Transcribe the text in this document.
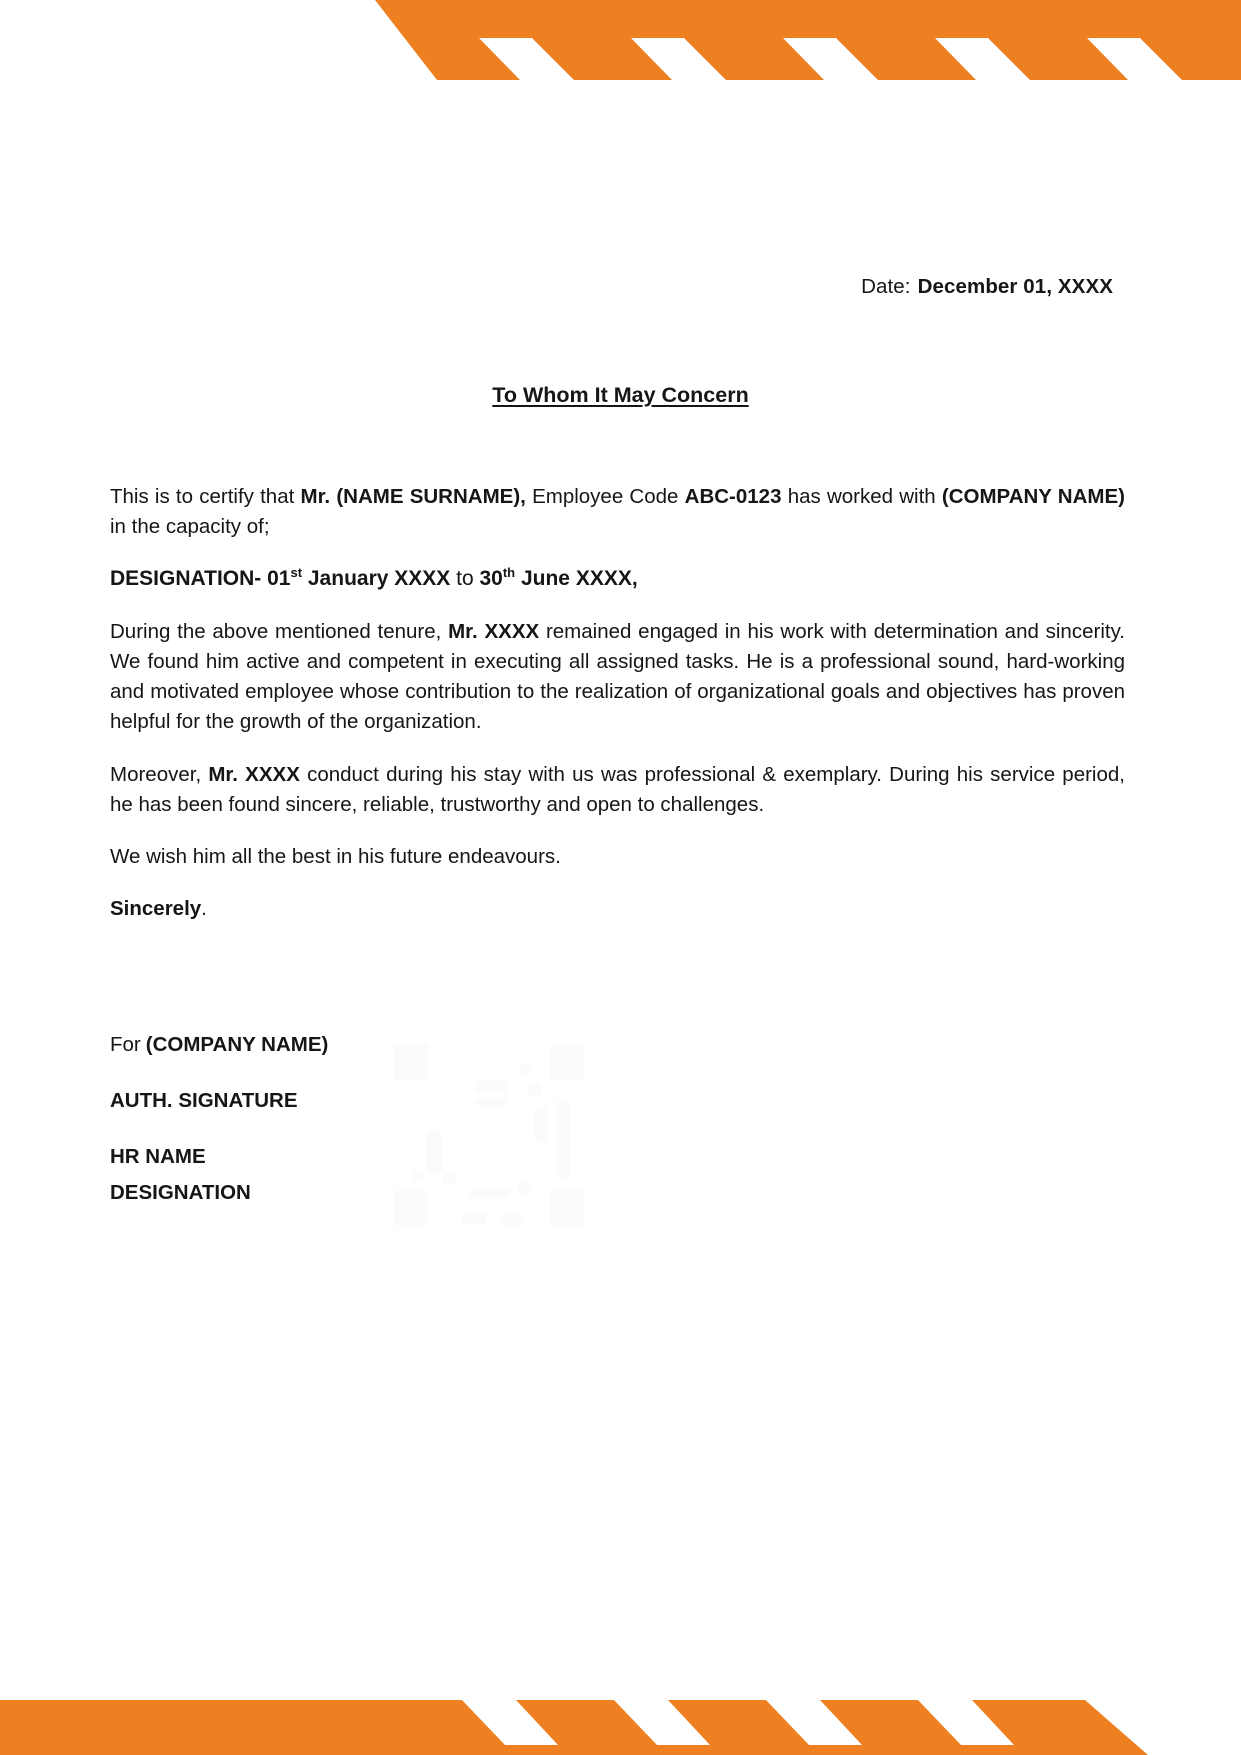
Date: December 01, XXXX
To Whom It May Concern

This is to certify that Mr. (NAME SURNAME), Employee Code ABC-0123 has worked with (COMPANY NAME) in the capacity of;

DESIGNATION- 01st January XXXX to 30th June XXXX,

During the above mentioned tenure, Mr. XXXX remained engaged in his work with determination and sincerity. We found him active and competent in executing all assigned tasks. He is a professional sound, hard-working and motivated employee whose contribution to the realization of organizational goals and objectives has proven helpful for the growth of the organization.

Moreover, Mr. XXXX conduct during his stay with us was professional & exemplary. During his service period, he has been found sincere, reliable, trustworthy and open to challenges.

We wish him all the best in his future endeavours.

Sincerely.

For (COMPANY NAME)
AUTH. SIGNATURE
HR NAME
DESIGNATION
